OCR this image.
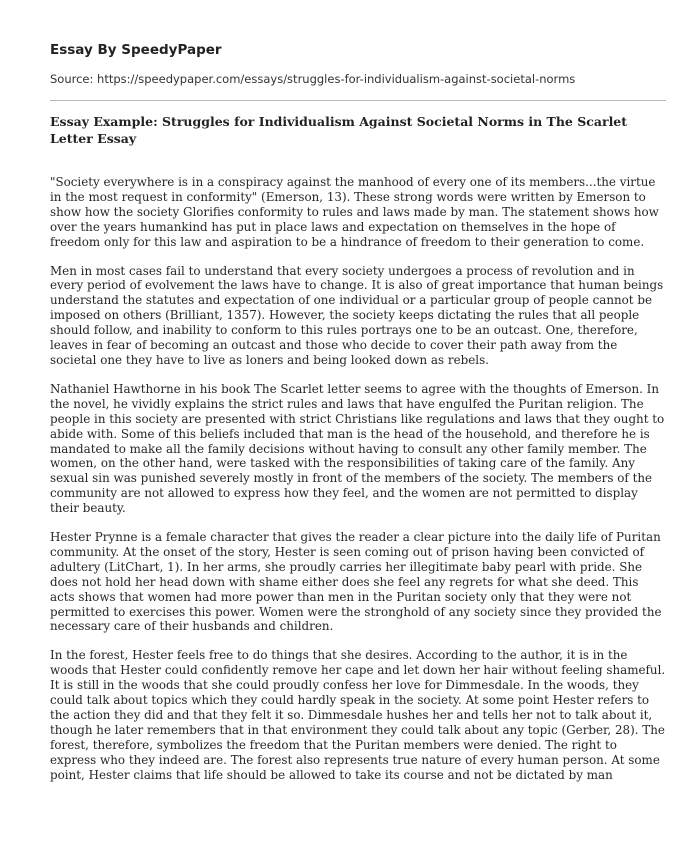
Essay By SpeedyPaper

Source: https://speedypaper.com/essays/struggles-for-individualism-against-societal-norms

Essay Example: Struggles for Individualism Against Societal Norms in The Scarlet Letter Essay

"Society everywhere is in a conspiracy against the manhood of every one of its members...the virtue in the most request in conformity" (Emerson, 13). These strong words were written by Emerson to show how the society Glorifies conformity to rules and laws made by man. The statement shows how over the years humankind has put in place laws and expectation on themselves in the hope of freedom only for this law and aspiration to be a hindrance of freedom to their generation to come.

Men in most cases fail to understand that every society undergoes a process of revolution and in every period of evolvement the laws have to change. It is also of great importance that human beings understand the statutes and expectation of one individual or a particular group of people cannot be imposed on others (Brilliant, 1357). However, the society keeps dictating the rules that all people should follow, and inability to conform to this rules portrays one to be an outcast. One, therefore, leaves in fear of becoming an outcast and those who decide to cover their path away from the societal one they have to live as loners and being looked down as rebels.

Nathaniel Hawthorne in his book The Scarlet letter seems to agree with the thoughts of Emerson. In the novel, he vividly explains the strict rules and laws that have engulfed the Puritan religion. The people in this society are presented with strict Christians like regulations and laws that they ought to abide with. Some of this beliefs included that man is the head of the household, and therefore he is mandated to make all the family decisions without having to consult any other family member. The women, on the other hand, were tasked with the responsibilities of taking care of the family. Any sexual sin was punished severely mostly in front of the members of the society. The members of the community are not allowed to express how they feel, and the women are not permitted to display their beauty.

Hester Prynne is a female character that gives the reader a clear picture into the daily life of Puritan community. At the onset of the story, Hester is seen coming out of prison having been convicted of adultery (LitChart, 1). In her arms, she proudly carries her illegitimate baby pearl with pride. She does not hold her head down with shame either does she feel any regrets for what she deed. This acts shows that women had more power than men in the Puritan society only that they were not permitted to exercises this power. Women were the stronghold of any society since they provided the necessary care of their husbands and children.

In the forest, Hester feels free to do things that she desires. According to the author, it is in the woods that Hester could confidently remove her cape and let down her hair without feeling shameful. It is still in the woods that she could proudly confess her love for Dimmesdale. In the woods, they could talk about topics which they could hardly speak in the society. At some point Hester refers to the action they did and that they felt it so. Dimmesdale hushes her and tells her not to talk about it, though he later remembers that in that environment they could talk about any topic (Gerber, 28). The forest, therefore, symbolizes the freedom that the Puritan members were denied. The right to express who they indeed are. The forest also represents true nature of every human person. At some point, Hester claims that life should be allowed to take its course and not be dictated by man
